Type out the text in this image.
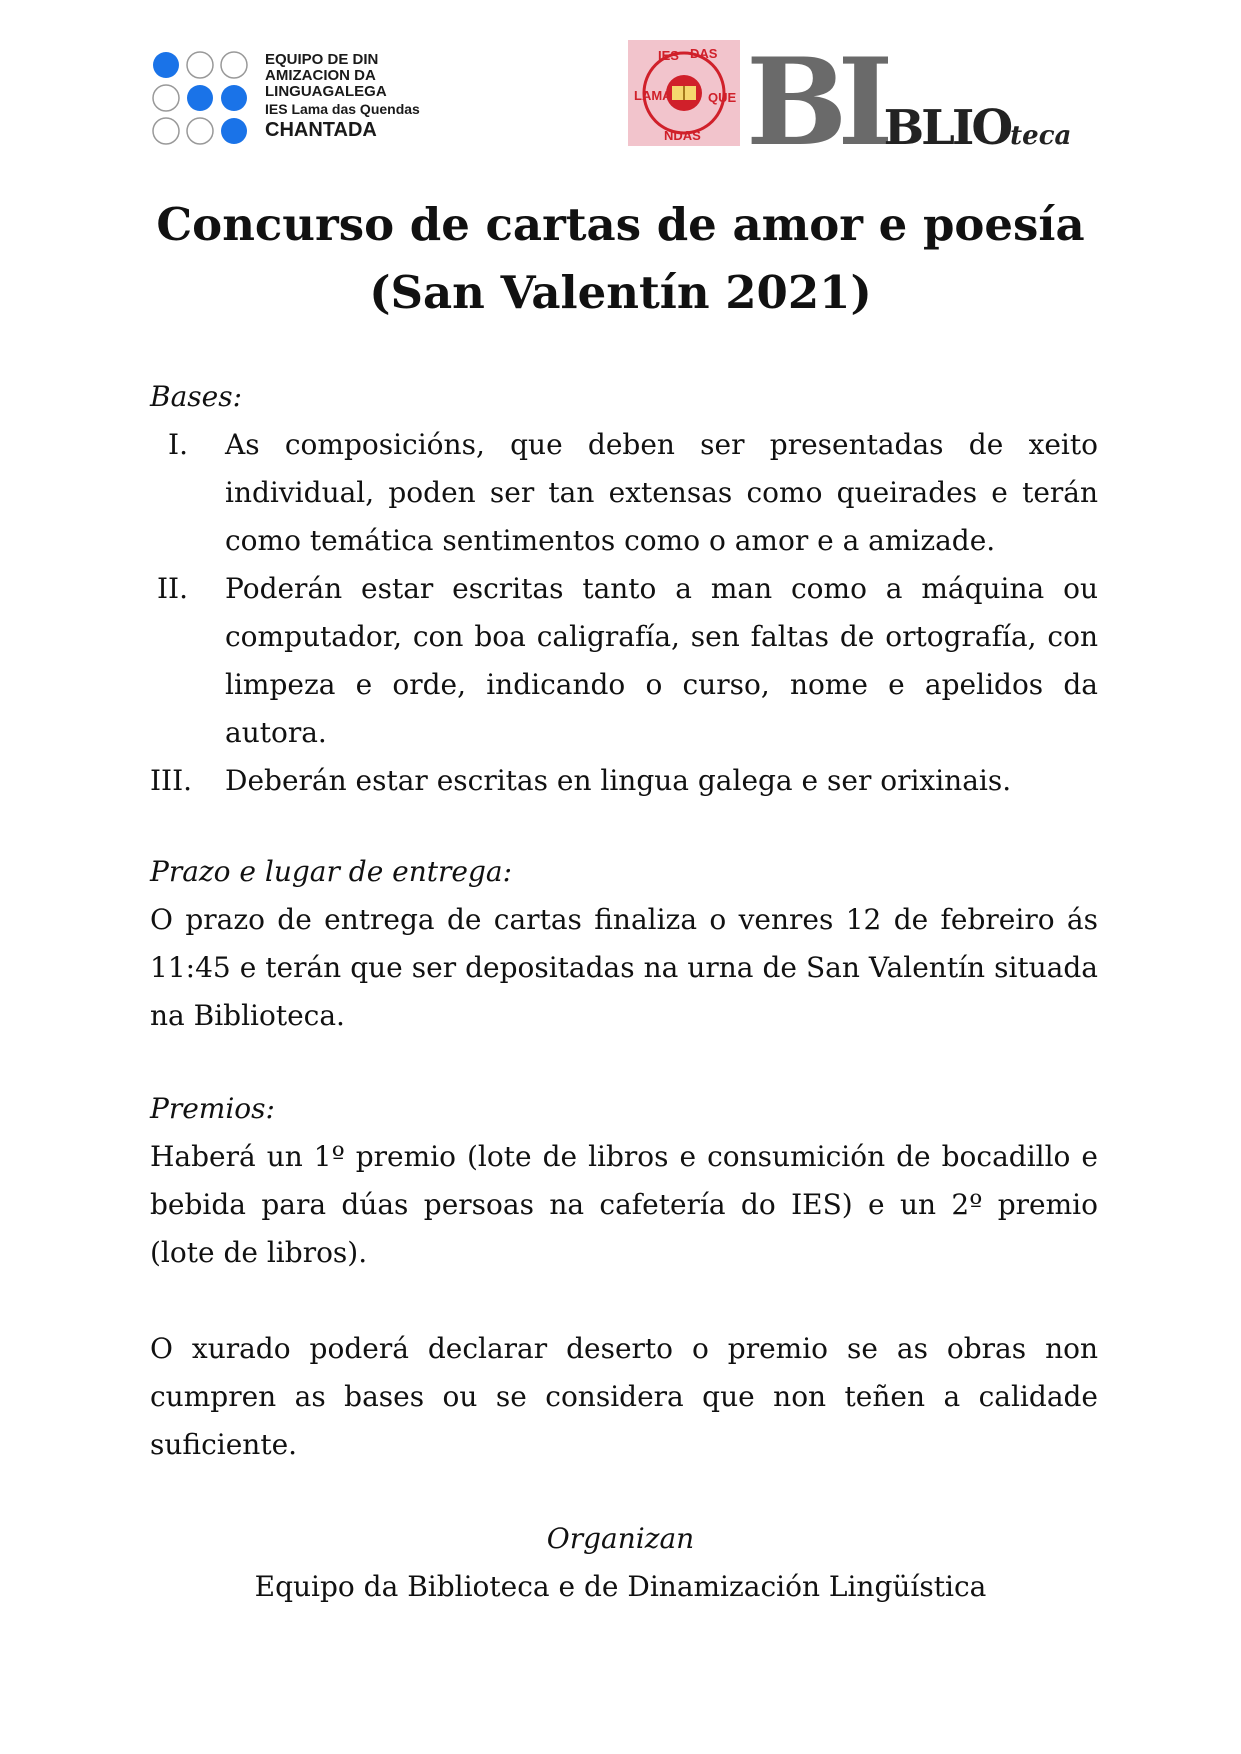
EQUIPO DE DIN
AMIZACION DA
LINGUAGALEGA
IES Lama das Quendas
CHANTADA
IES DAS
LAMA	QUE
NDAS BIBLIOteca
Concurso de cartas de amor e poesía
(San Valentín 2021)
Bases:
I. As composicións, que deben ser presentadas de xeito individual, poden ser tan extensas como queirades e terán como temática sentimentos como o amor e a amizade.
II. Poderán estar escritas tanto a man como a máquina ou computador, con boa caligrafía, sen faltas de ortografía, con limpeza e orde, indicando o curso, nome e apelidos da autora.
III. Deberán estar escritas en lingua galega e ser orixinais.
Prazo e lugar de entrega:

O prazo de entrega de cartas finaliza o venres 12 de febreiro ás 11:45 e terán que ser depositadas na urna de San Valentín situada na Biblioteca.

Premios:

Haberá un 1º premio (lote de libros e consumición de bocadillo e bebida para dúas persoas na cafetería do IES) e un 2º premio (lote de libros).

O xurado poderá declarar deserto o premio se as obras non cumpren as bases ou se considera que non teñen a calidade suficiente.

Organizan
Equipo da Biblioteca e de Dinamización Lingüística
